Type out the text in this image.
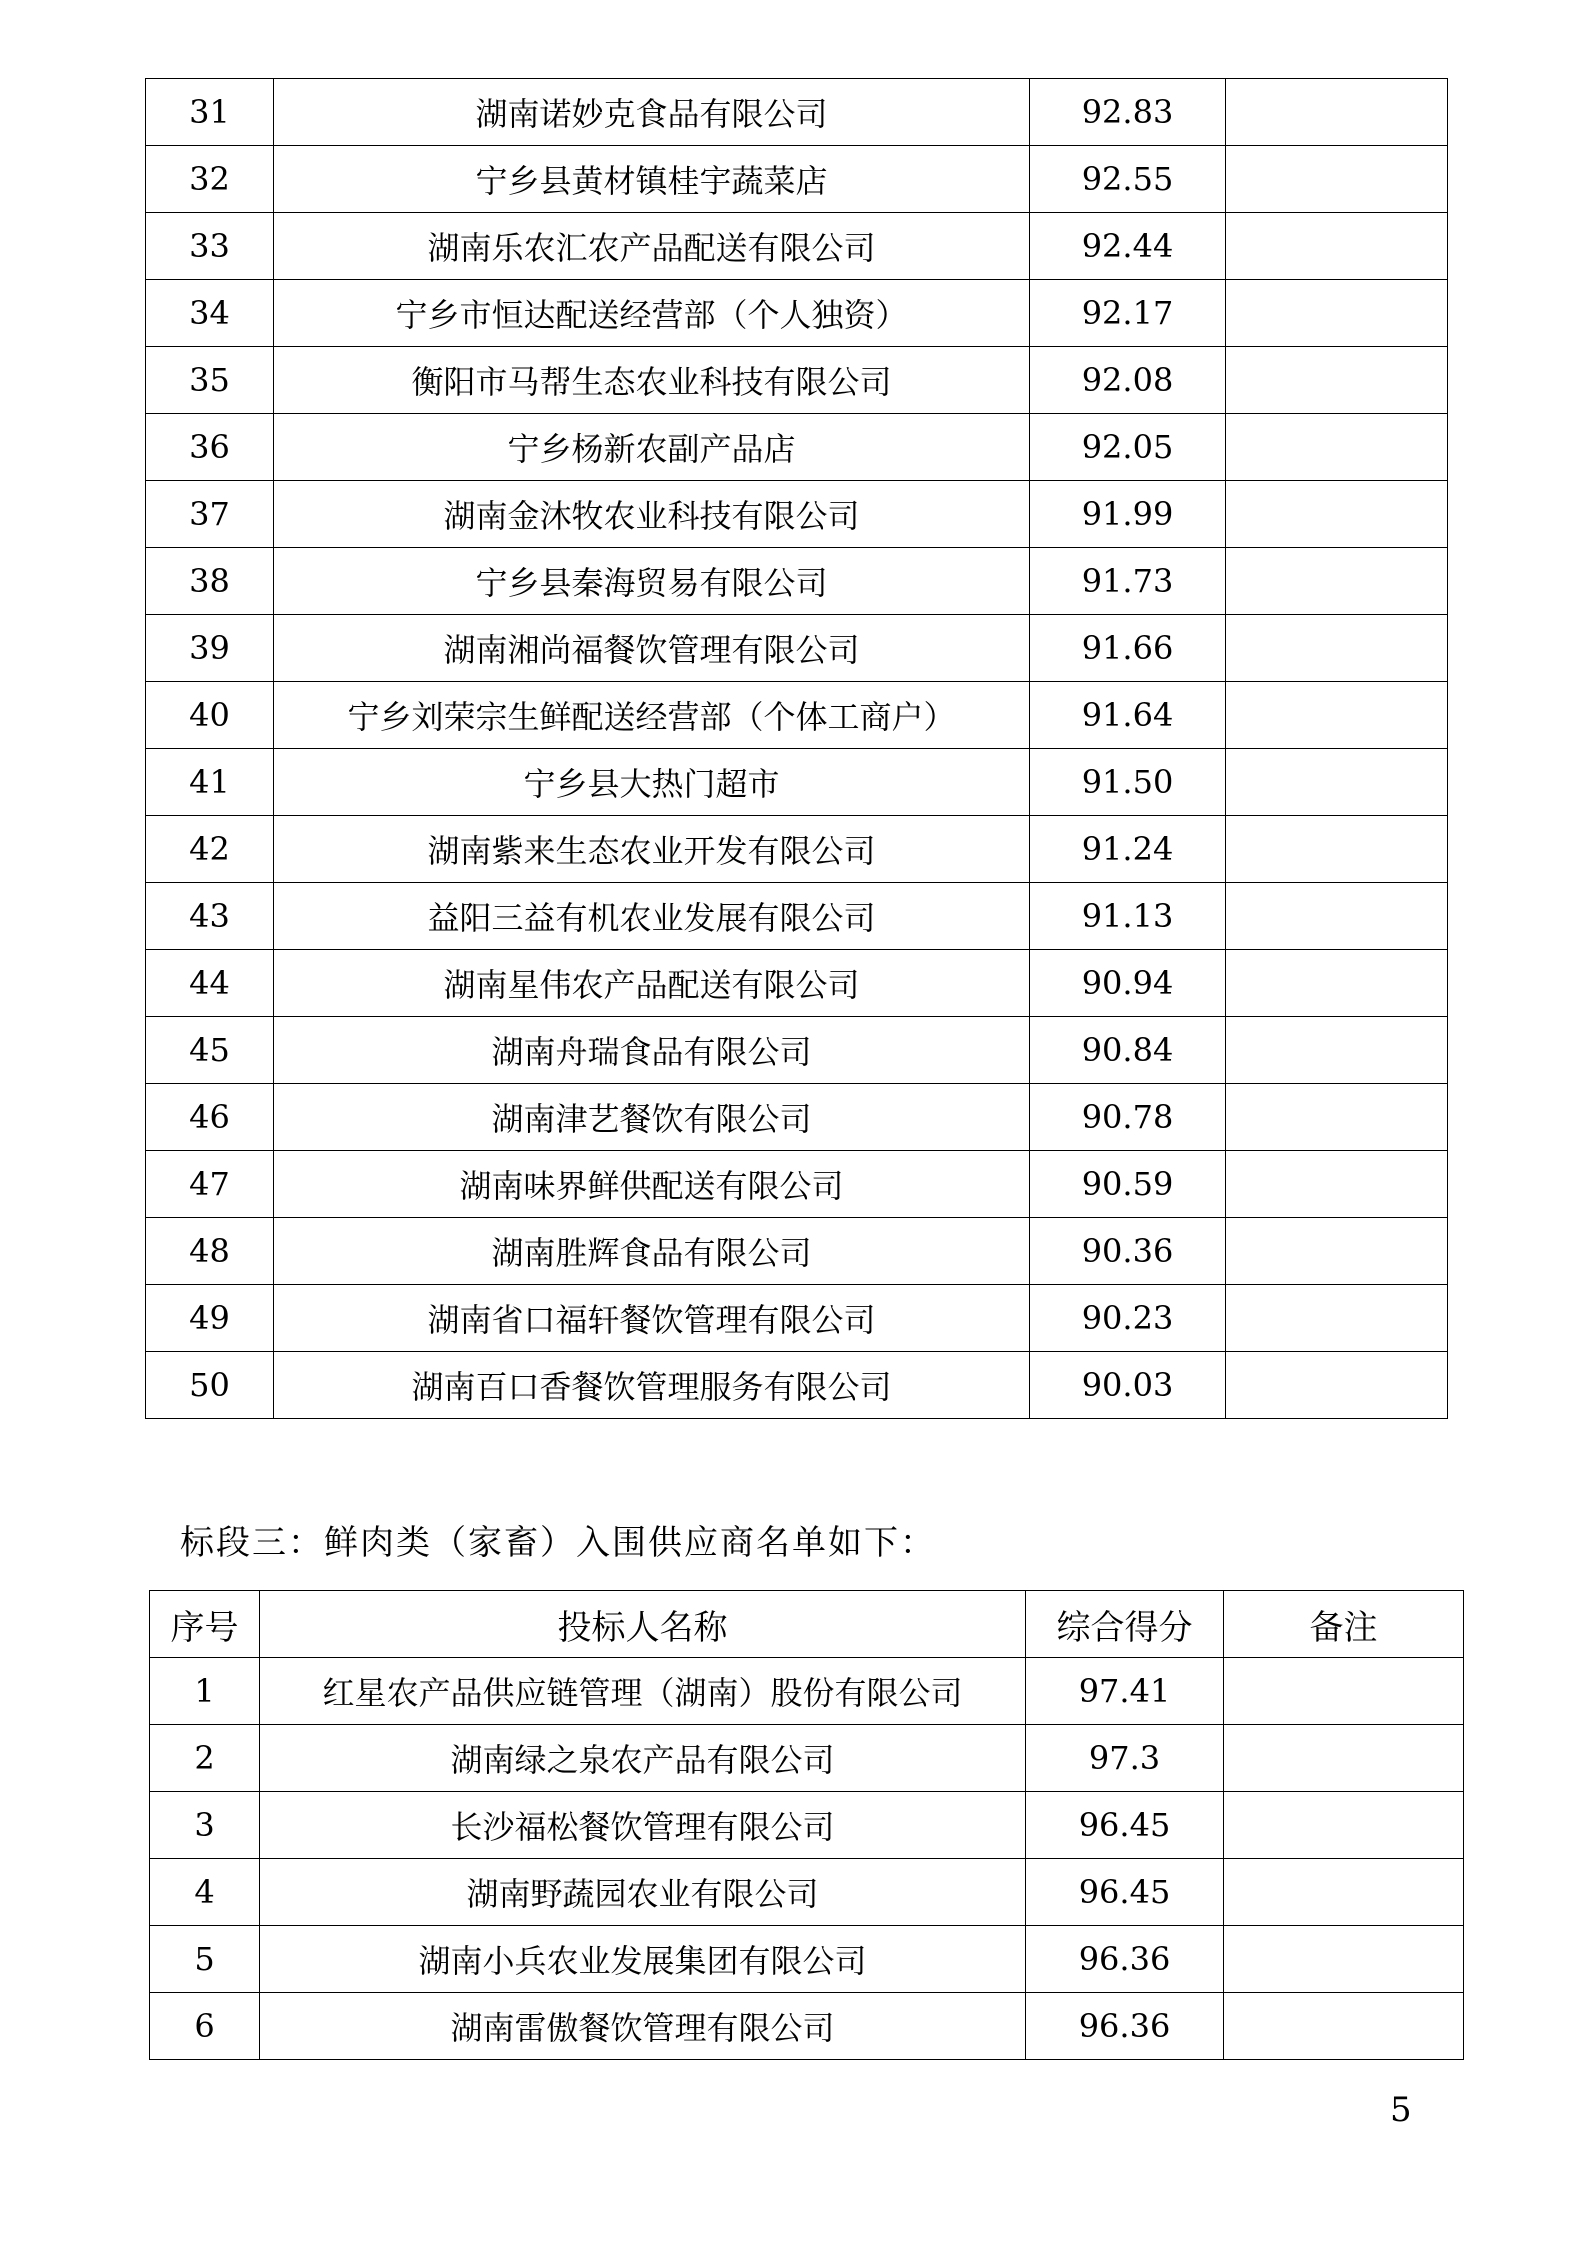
31	湖南诺妙克食品有限公司	92.83	
32	宁乡县黄材镇桂宇蔬菜店	92.55	
33	湖南乐农汇农产品配送有限公司	92.44	
34	宁乡市恒达配送经营部（个人独资）	92.17	
35	衡阳市马帮生态农业科技有限公司	92.08	
36	宁乡杨新农副产品店	92.05	
37	湖南金沐牧农业科技有限公司	91.99	
38	宁乡县秦海贸易有限公司	91.73	
39	湖南湘尚福餐饮管理有限公司	91.66	
40	宁乡刘荣宗生鲜配送经营部（个体工商户）	91.64	
41	宁乡县大热门超市	91.50	
42	湖南紫来生态农业开发有限公司	91.24	
43	益阳三益有机农业发展有限公司	91.13	
44	湖南星伟农产品配送有限公司	90.94	
45	湖南舟瑞食品有限公司	90.84	
46	湖南津艺餐饮有限公司	90.78	
47	湖南味界鲜供配送有限公司	90.59	
48	湖南胜辉食品有限公司	90.36	
49	湖南省口福轩餐饮管理有限公司	90.23	
50	湖南百口香餐饮管理服务有限公司	90.03	
标段三：鲜肉类（家畜）入围供应商名单如下：
序号	投标人名称	综合得分	备注
1	红星农产品供应链管理（湖南）股份有限公司	97.41	
2	湖南绿之泉农产品有限公司	97.3	
3	长沙福松餐饮管理有限公司	96.45	
4	湖南野蔬园农业有限公司	96.45	
5	湖南小兵农业发展集团有限公司	96.36	
6	湖南雷傲餐饮管理有限公司	96.36	
5
